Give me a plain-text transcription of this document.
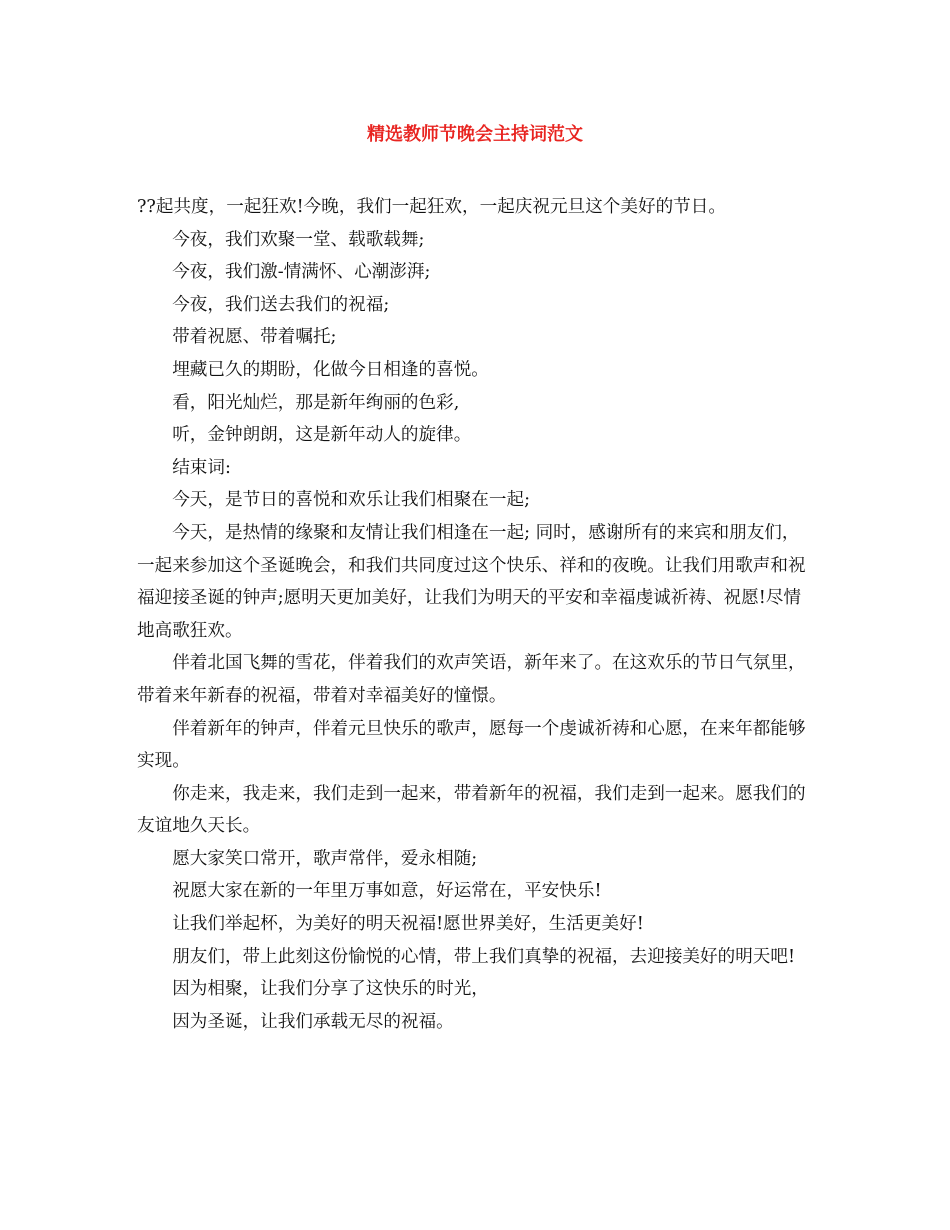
精选教师节晚会主持词范文

??起共度，一起狂欢!今晚，我们一起狂欢，一起庆祝元旦这个美好的节日。

今夜，我们欢聚一堂、载歌载舞;

今夜，我们激-情满怀、心潮澎湃;

今夜，我们送去我们的祝福;

带着祝愿、带着嘱托;

埋藏已久的期盼，化做今日相逢的喜悦。

看，阳光灿烂，那是新年绚丽的色彩,

听，金钟朗朗，这是新年动人的旋律。

结束词:

今天，是节日的喜悦和欢乐让我们相聚在一起;

今天，是热情的缘聚和友情让我们相逢在一起; 同时，感谢所有的来宾和朋友们，一起来参加这个圣诞晚会，和我们共同度过这个快乐、祥和的夜晚。让我们用歌声和祝福迎接圣诞的钟声;愿明天更加美好，让我们为明天的平安和幸福虔诚祈祷、祝愿!尽情地高歌狂欢。

伴着北国飞舞的雪花，伴着我们的欢声笑语，新年来了。在这欢乐的节日气氛里，带着来年新春的祝福，带着对幸福美好的憧憬。

伴着新年的钟声，伴着元旦快乐的歌声，愿每一个虔诚祈祷和心愿，在来年都能够实现。

你走来，我走来，我们走到一起来，带着新年的祝福，我们走到一起来。愿我们的友谊地久天长。

愿大家笑口常开，歌声常伴，爱永相随;

祝愿大家在新的一年里万事如意，好运常在，平安快乐!

让我们举起杯，为美好的明天祝福!愿世界美好，生活更美好!

朋友们，带上此刻这份愉悦的心情，带上我们真挚的祝福，去迎接美好的明天吧!

因为相聚，让我们分享了这快乐的时光，

因为圣诞，让我们承载无尽的祝福。
